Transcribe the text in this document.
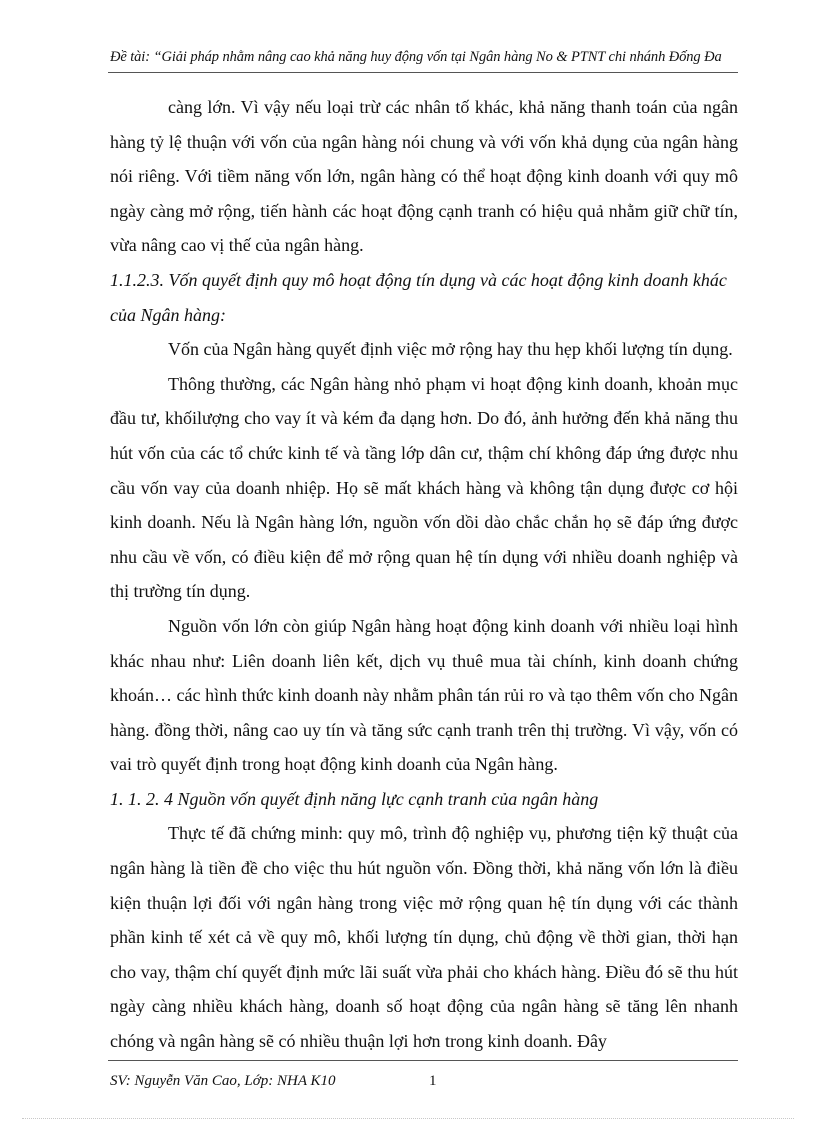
Đề tài: “Giải pháp nhằm nâng cao khả năng huy động vốn tại Ngân hàng No & PTNT chi nhánh Đống Đa

càng lớn. Vì vậy nếu loại trừ các nhân tố khác, khả năng thanh toán của ngân hàng tỷ lệ thuận với vốn của ngân hàng nói chung và với vốn khả dụng của ngân hàng nói riêng. Với tiềm năng vốn lớn, ngân hàng có thể hoạt động kinh doanh với quy mô ngày càng mở rộng, tiến hành các hoạt động cạnh tranh có hiệu quả nhằm giữ chữ tín, vừa nâng cao vị thế của ngân hàng.

1.1.2.3. Vốn quyết định quy mô hoạt động tín dụng và các hoạt động kinh doanh khác của Ngân hàng:

Vốn của Ngân hàng quyết định việc mở rộng hay thu hẹp khối lượng tín dụng.

Thông thường, các Ngân hàng nhỏ phạm vi hoạt động kinh doanh, khoản mục đầu tư, khốilượng cho vay ít và kém đa dạng hơn. Do đó, ảnh hưởng đến khả năng thu hút vốn của các tổ chức kinh tế và tầng lớp dân cư, thậm chí không đáp ứng được nhu cầu vốn vay của doanh nhiệp. Họ sẽ mất khách hàng và không tận dụng được cơ hội kinh doanh. Nếu là Ngân hàng lớn, nguồn vốn dồi dào chắc chắn họ sẽ đáp ứng được nhu cầu về vốn, có điều kiện để mở rộng quan hệ tín dụng với nhiều doanh nghiệp và thị trường tín dụng.

Nguồn vốn lớn còn giúp Ngân hàng hoạt động kinh doanh với nhiều loại hình khác nhau như: Liên doanh liên kết, dịch vụ thuê mua tài chính, kinh doanh chứng khoán… các hình thức kinh doanh này nhằm phân tán rủi ro và tạo thêm vốn cho Ngân hàng. đồng thời, nâng cao uy tín và tăng sức cạnh tranh trên thị trường. Vì vậy, vốn có vai trò quyết định trong hoạt động kinh doanh của Ngân hàng.

1. 1. 2. 4 Nguồn vốn quyết định năng lực cạnh tranh của ngân hàng

Thực tế đã chứng minh: quy mô, trình độ nghiệp vụ, phương tiện kỹ thuật của ngân hàng là tiền đề cho việc thu hút nguồn vốn. Đồng thời, khả năng vốn lớn là điều kiện thuận lợi đối với ngân hàng trong việc mở rộng quan hệ tín dụng với các thành phần kinh tế xét cả về quy mô, khối lượng tín dụng, chủ động về thời gian, thời hạn cho vay, thậm chí quyết định mức lãi suất vừa phải cho khách hàng. Điều đó sẽ thu hút ngày càng nhiều khách hàng, doanh số hoạt động của ngân hàng sẽ tăng lên nhanh chóng và ngân hàng sẽ có nhiều thuận lợi hơn trong kinh doanh. Đây

SV: Nguyễn Văn Cao, Lớp: NHA K10	1
